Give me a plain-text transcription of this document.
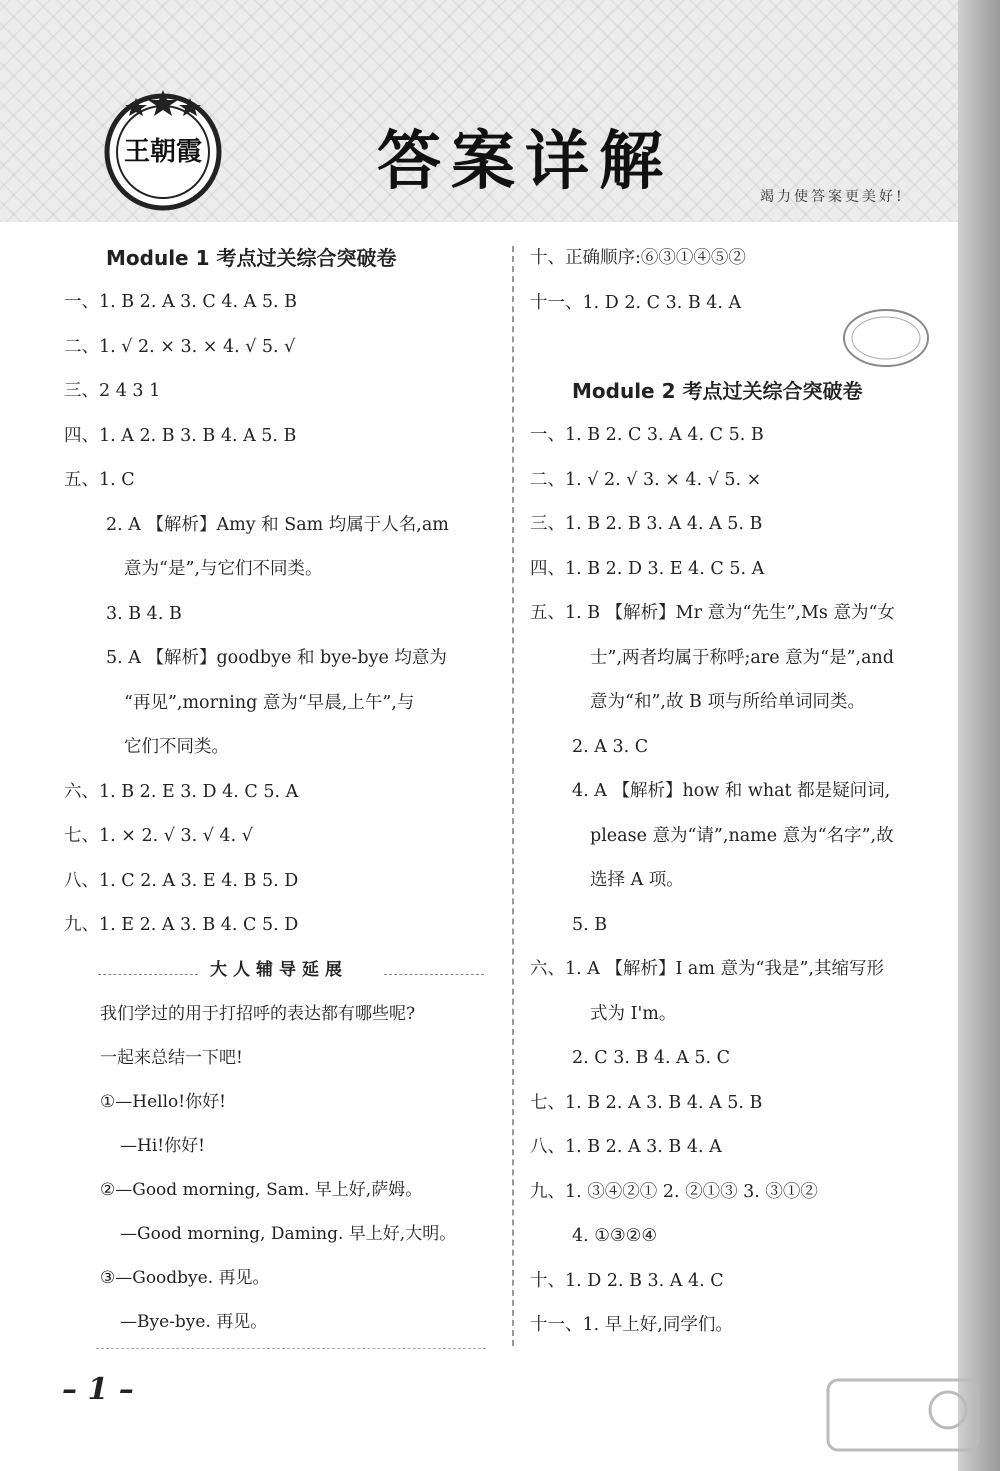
王朝霞	答案详解	竭力使答案更美好!
Module 1 考点过关综合突破卷
一、1. B 2. A 3. C 4. A 5. B
二、1. √ 2. × 3. × 4. √ 5. √
三、2 4 3 1
四、1. A 2. B 3. B 4. A 5. B
五、1. C
2. A 【解析】Amy 和 Sam 均属于人名,am
意为“是”,与它们不同类。
3. B 4. B
5. A 【解析】goodbye 和 bye-bye 均意为
“再见”,morning 意为“早晨,上午”,与
它们不同类。
六、1. B 2. E 3. D 4. C 5. A
七、1. × 2. √ 3. √ 4. √
八、1. C 2. A 3. E 4. B 5. D
九、1. E 2. A 3. B 4. C 5. D
大人辅导延展
我们学过的用于打招呼的表达都有哪些呢?
一起来总结一下吧!
①—Hello!你好!
—Hi!你好!
②—Good morning, Sam. 早上好,萨姆。
—Good morning, Daming. 早上好,大明。
③—Goodbye. 再见。
—Bye-bye. 再见。
十、正确顺序:⑥③①④⑤②
十一、1. D 2. C 3. B 4. A
Module 2 考点过关综合突破卷
一、1. B 2. C 3. A 4. C 5. B
二、1. √ 2. √ 3. × 4. √ 5. ×
三、1. B 2. B 3. A 4. A 5. B
四、1. B 2. D 3. E 4. C 5. A
五、1. B 【解析】Mr 意为“先生”,Ms 意为“女
士”,两者均属于称呼;are 意为“是”,and
意为“和”,故 B 项与所给单词同类。
2. A 3. C
4. A 【解析】how 和 what 都是疑问词,
please 意为“请”,name 意为“名字”,故
选择 A 项。
5. B
六、1. A 【解析】I am 意为“我是”,其缩写形
式为 I'm。
2. C 3. B 4. A 5. C
七、1. B 2. A 3. B 4. A 5. B
八、1. B 2. A 3. B 4. A
九、1. ③④②① 2. ②①③ 3. ③①②
4. ①③②④
十、1. D 2. B 3. A 4. C
十一、1. 早上好,同学们。
– 1 –
